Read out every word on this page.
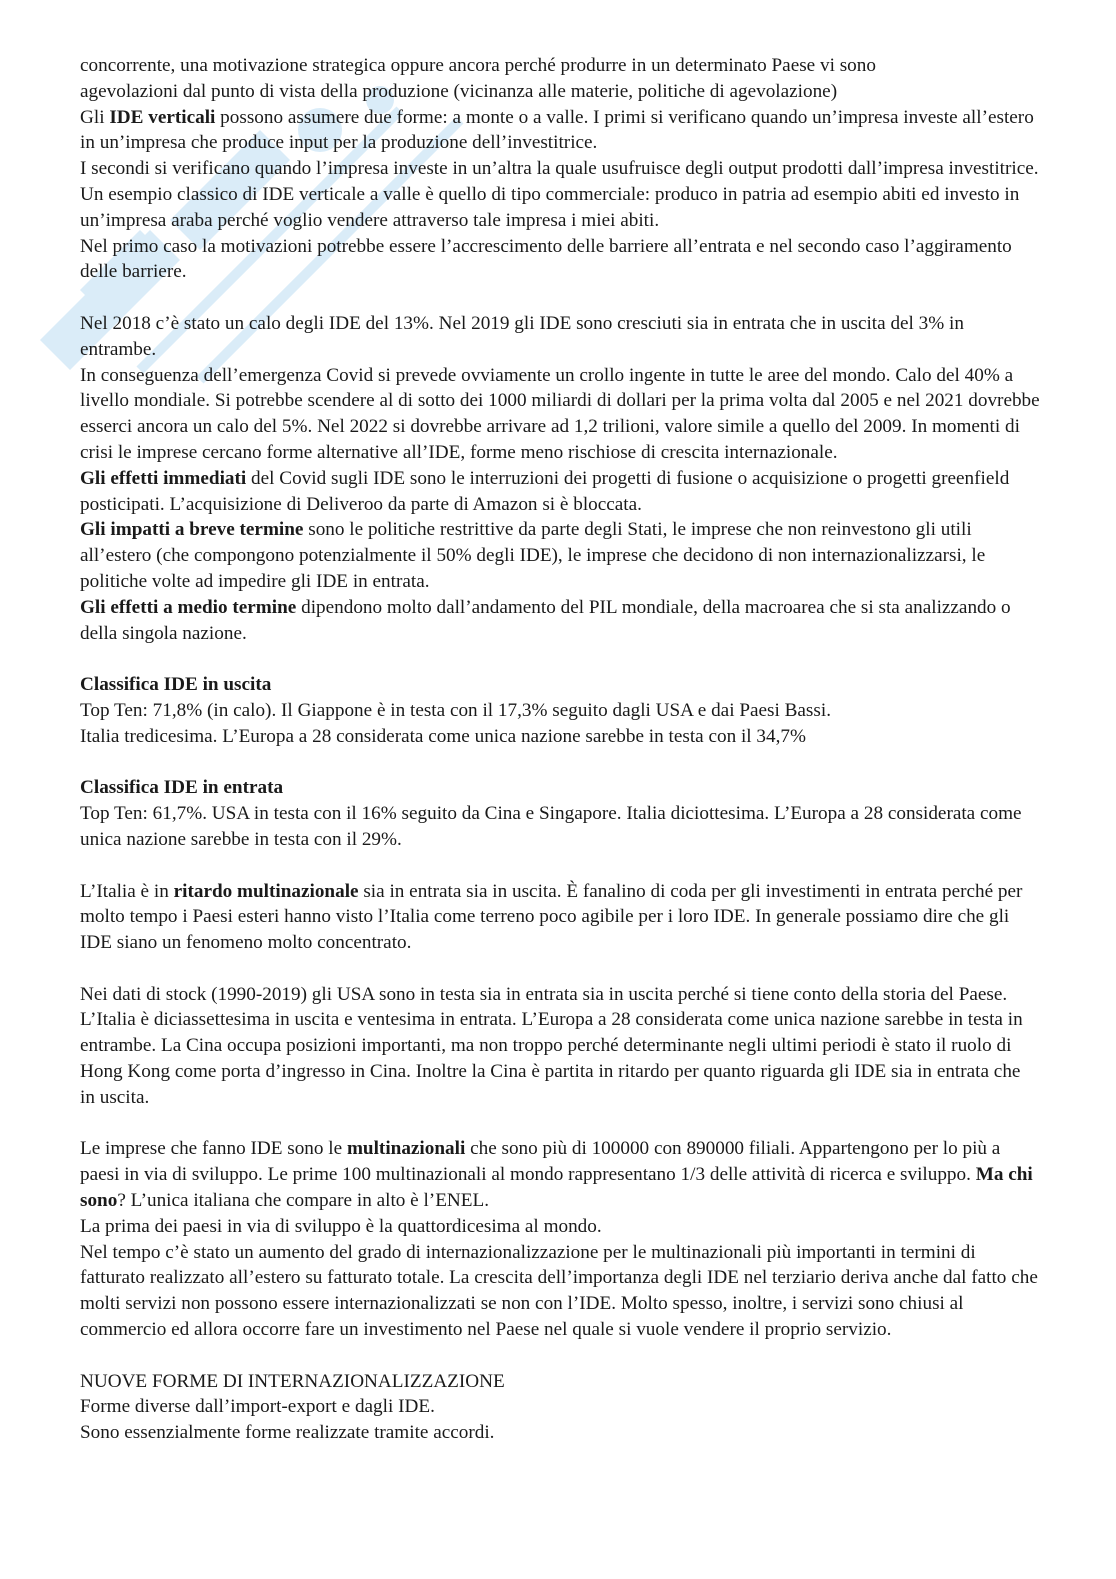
concorrente, una motivazione strategica oppure ancora perché produrre in un determinato Paese vi sono
agevolazioni dal punto di vista della produzione (vicinanza alle materie, politiche di agevolazione)

Gli IDE verticali possono assumere due forme: a monte o a valle. I primi si verificano quando un’impresa investe all’estero in un’impresa che produce input per la produzione dell’investitrice.

I secondi si verificano quando l’impresa investe in un’altra la quale usufruisce degli output prodotti dall’impresa investitrice. Un esempio classico di IDE verticale a valle è quello di tipo commerciale: produco in patria ad esempio abiti ed investo in un’impresa araba perché voglio vendere attraverso tale impresa i miei abiti.

Nel primo caso la motivazioni potrebbe essere l’accrescimento delle barriere all’entrata e nel secondo caso l’aggiramento delle barriere.

Nel 2018 c’è stato un calo degli IDE del 13%. Nel 2019 gli IDE sono cresciuti sia in entrata che in uscita del 3% in entrambe.

In conseguenza dell’emergenza Covid si prevede ovviamente un crollo ingente in tutte le aree del mondo. Calo del 40% a livello mondiale. Si potrebbe scendere al di sotto dei 1000 miliardi di dollari per la prima volta dal 2005 e nel 2021 dovrebbe esserci ancora un calo del 5%. Nel 2022 si dovrebbe arrivare ad 1,2 trilioni, valore simile a quello del 2009. In momenti di crisi le imprese cercano forme alternative all’IDE, forme meno rischiose di crescita internazionale.

Gli effetti immediati del Covid sugli IDE sono le interruzioni dei progetti di fusione o acquisizione o progetti greenfield posticipati. L’acquisizione di Deliveroo da parte di Amazon si è bloccata.

Gli impatti a breve termine sono le politiche restrittive da parte degli Stati, le imprese che non reinvestono gli utili all’estero (che compongono potenzialmente il 50% degli IDE), le imprese che decidono di non internazionalizzarsi, le politiche volte ad impedire gli IDE in entrata.

Gli effetti a medio termine dipendono molto dall’andamento del PIL mondiale, della macroarea che si sta analizzando o della singola nazione.

Classifica IDE in uscita

Top Ten: 71,8% (in calo). Il Giappone è in testa con il 17,3% seguito dagli USA e dai Paesi Bassi.
Italia tredicesima. L’Europa a 28 considerata come unica nazione sarebbe in testa con il 34,7%

Classifica IDE in entrata

Top Ten: 61,7%. USA in testa con il 16% seguito da Cina e Singapore. Italia diciottesima. L’Europa a 28 considerata come unica nazione sarebbe in testa con il 29%.

L’Italia è in ritardo multinazionale sia in entrata sia in uscita. È fanalino di coda per gli investimenti in entrata perché per molto tempo i Paesi esteri hanno visto l’Italia come terreno poco agibile per i loro IDE. In generale possiamo dire che gli IDE siano un fenomeno molto concentrato.

Nei dati di stock (1990-2019) gli USA sono in testa sia in entrata sia in uscita perché si tiene conto della storia del Paese. L’Italia è diciassettesima in uscita e ventesima in entrata. L’Europa a 28 considerata come unica nazione sarebbe in testa in entrambe. La Cina occupa posizioni importanti, ma non troppo perché determinante negli ultimi periodi è stato il ruolo di Hong Kong come porta d’ingresso in Cina. Inoltre la Cina è partita in ritardo per quanto riguarda gli IDE sia in entrata che in uscita.

Le imprese che fanno IDE sono le multinazionali che sono più di 100000 con 890000 filiali. Appartengono per lo più a paesi in via di sviluppo. Le prime 100 multinazionali al mondo rappresentano 1/3 delle attività di ricerca e sviluppo. Ma chi sono? L’unica italiana che compare in alto è l’ENEL.

La prima dei paesi in via di sviluppo è la quattordicesima al mondo.

Nel tempo c’è stato un aumento del grado di internazionalizzazione per le multinazionali più importanti in termini di fatturato realizzato all’estero su fatturato totale. La crescita dell’importanza degli IDE nel terziario deriva anche dal fatto che molti servizi non possono essere internazionalizzati se non con l’IDE. Molto spesso, inoltre, i servizi sono chiusi al commercio ed allora occorre fare un investimento nel Paese nel quale si vuole vendere il proprio servizio.

NUOVE FORME DI INTERNAZIONALIZZAZIONE

Forme diverse dall’import-export e dagli IDE.
Sono essenzialmente forme realizzate tramite accordi.
